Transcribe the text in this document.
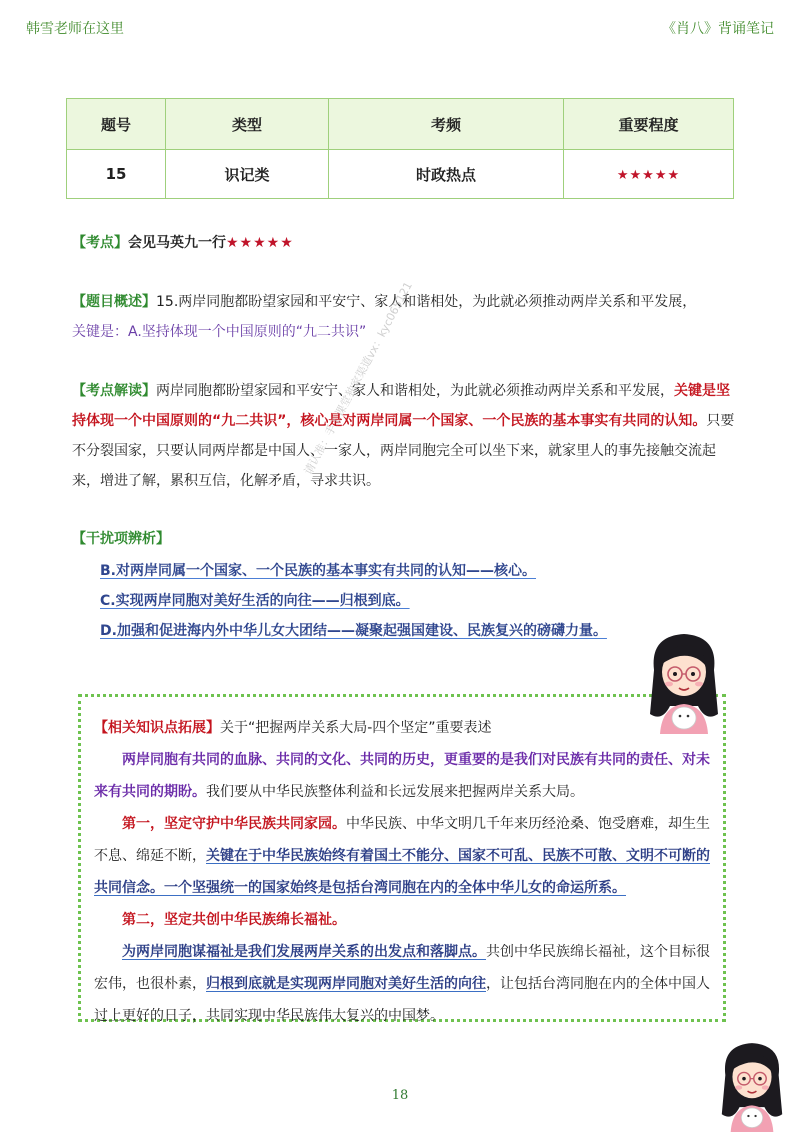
韩雪老师在这里	《肖八》背诵笔记
题号	类型	考频	重要程度
15	识记类	时政热点	★★★★★
【考点】会见马英九一行★★★★★
【题目概述】15.两岸同胞都盼望家园和平安宁、家人和谐相处，为此就必须推动两岸关系和平发展，
关键是：A.坚持体现一个中国原则的“九二共识”
【考点解读】两岸同胞都盼望家园和平安宁、家人和谐相处，为此就必须推动两岸关系和平发展，关键是坚持体现一个中国原则的“九二共识”，核心是对两岸同属一个国家、一个民族的基本事实有共同的认知。只要不分裂国家，只要认同两岸都是中国人、一家人，两岸同胞完全可以坐下来，就家里人的事先接触交流起来，增进了解，累积互信，化解矛盾，寻求共识。
【干扰项辨析】
B.对两岸同属一个国家、一个民族的基本事实有共同的认知——核心。
C.实现两岸同胞对美好生活的向往——归根到底。
D.加强和促进海内外中华儿女大团结——凝聚起强国建设、民族复兴的磅礴力量。
请认准：手工课堂独家渠道vx：kyc065121
【相关知识点拓展】关于“把握两岸关系大局-四个坚定”重要表述
两岸同胞有共同的血脉、共同的文化、共同的历史，更重要的是我们对民族有共同的责任、对未来有共同的期盼。我们要从中华民族整体利益和长远发展来把握两岸关系大局。
第一，坚定守护中华民族共同家园。中华民族、中华文明几千年来历经沧桑、饱受磨难，却生生不息、绵延不断，关键在于中华民族始终有着国土不能分、国家不可乱、民族不可散、文明不可断的共同信念。一个坚强统一的国家始终是包括台湾同胞在内的全体中华儿女的命运所系。
第二，坚定共创中华民族绵长福祉。
为两岸同胞谋福祉是我们发展两岸关系的出发点和落脚点。共创中华民族绵长福祉，这个目标很宏伟，也很朴素，归根到底就是实现两岸同胞对美好生活的向往，让包括台湾同胞在内的全体中国人过上更好的日子，共同实现中华民族伟大复兴的中国梦。
18
